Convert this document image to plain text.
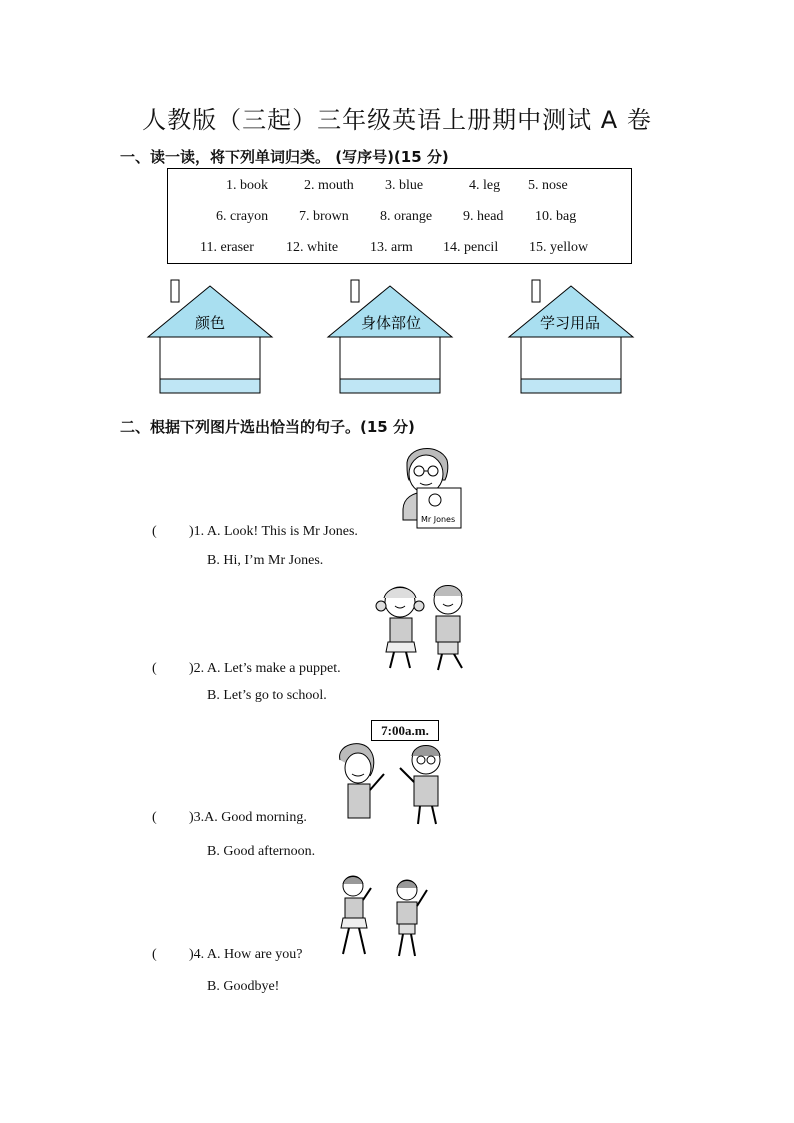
人教版（三起）三年级英语上册期中测试 A 卷
一、读一读，将下列单词归类。 (写序号)(15 分)
1. book	2. mouth 3. blue	4. leg 5. nose
6. crayon 7. brown 8. orange 9. head 10. bag
11. eraser 12. white 13. arm 14. pencil 15. yellow
颜色	身体部位	学习用品
二、根据下列图片选出恰当的句子。(15 分)
Mr Jones
( )1. A. Look! This is Mr Jones.
B. Hi, I’m Mr Jones.
( )2. A. Let’s make a puppet.
B. Let’s go to school.
7:00a.m.
( )3.A. Good morning.
B. Good afternoon.
( )4. A. How are you?
B. Goodbye!
